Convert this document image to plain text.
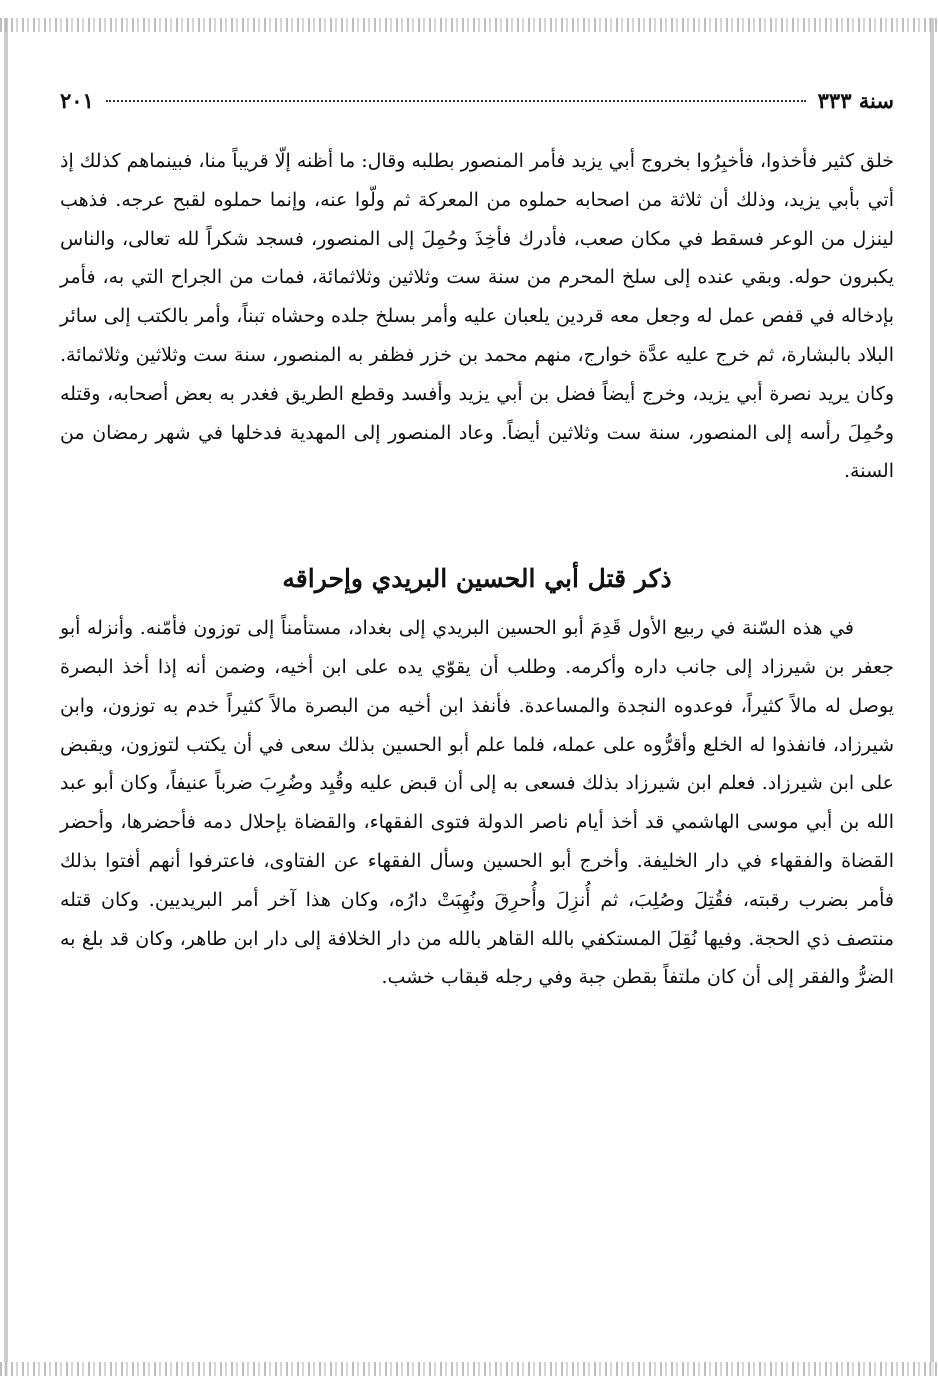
سنة ٣٣٣
٢٠١

خلق كثير فأخذوا، فأخبِرُوا بخروج أبي يزيد فأمر المنصور بطلبه وقال: ما أظنه إلّا قريباً منا، فبينماهم كذلك إذ أتي بأبي يزيد، وذلك أن ثلاثة من اصحابه حملوه من المعركة ثم ولّوا عنه، وإنما حملوه لقبح عرجه. فذهب لينزل من الوعر فسقط في مكان صعب، فأدرك فأخِذَ وحُمِلَ إلى المنصور، فسجد شكراً لله تعالى، والناس يكبرون حوله. وبقي عنده إلى سلخ المحرم من سنة ست وثلاثين وثلاثمائة، فمات من الجراح التي به، فأمر بإدخاله في قفص عمل له وجعل معه قردين يلعبان عليه وأمر بسلخ جلده وحشاه تبناً، وأمر بالكتب إلى سائر البلاد بالبشارة، ثم خرج عليه عدَّة خوارج، منهم محمد بن خزر فظفر به المنصور، سنة ست وثلاثين وثلاثمائة. وكان يريد نصرة أبي يزيد، وخرج أيضاً فضل بن أبي يزيد وأفسد وقطع الطريق فغدر به بعض أصحابه، وقتله وحُمِلَ رأسه إلى المنصور، سنة ست وثلاثين أيضاً. وعاد المنصور إلى المهدية فدخلها في شهر رمضان من السنة.

ذكر قتل أبي الحسين البريدي وإحراقه

في هذه السّنة في ربيع الأول قَدِمَ أبو الحسين البريدي إلى بغداد، مستأمناً إلى توزون فأمّنه. وأنزله أبو جعفر بن شيرزاد إلى جانب داره وأكرمه. وطلب أن يقوّي يده على ابن أخيه، وضمن أنه إذا أخذ البصرة يوصل له مالاً كثيراً، فوعدوه النجدة والمساعدة. فأنفذ ابن أخيه من البصرة مالاً كثيراً خدم به توزون، وابن شيرزاد، فانفذوا له الخلع وأقرُّوه على عمله، فلما علم أبو الحسين بذلك سعى في أن يكتب لتوزون، ويقبض على ابن شيرزاد. فعلم ابن شيرزاد بذلك فسعى به إلى أن قبض عليه وقُيِد وضُرِبَ ضرباً عنيفاً، وكان أبو عبد الله بن أبي موسى الهاشمي قد أخذ أيام ناصر الدولة فتوى الفقهاء، والقضاة بإحلال دمه فأحضرها، وأحضر القضاة والفقهاء في دار الخليفة. وأخرج أبو الحسين وسأل الفقهاء عن الفتاوى، فاعترفوا أنهم أفتوا بذلك فأمر بضرب رقبته، فقُتِلَ وصُلِبَ، ثم أُنزِلَ وأُحرِقَ ونُهِبَتْ دارُه، وكان هذا آخر أمر البريديين. وكان قتله منتصف ذي الحجة. وفيها نُقِلَ المستكفي بالله القاهر بالله من دار الخلافة إلى دار ابن طاهر، وكان قد بلغ به الضرُّ والفقر إلى أن كان ملتفاً بقطن جبة وفي رجله قبقاب خشب.
